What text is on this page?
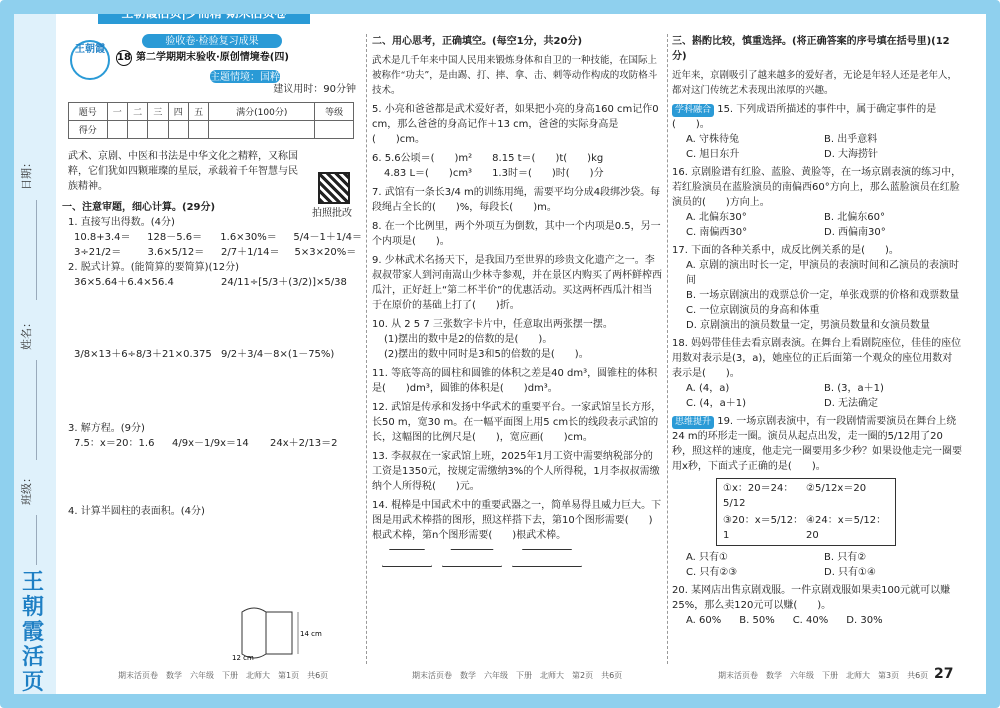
日期：
姓名：
班级：
王朝霞活页
王朝霞活页|少而精·期末活页卷
验收卷·检验复习成果
王朝霞
18 第二学期期末验收·原创情境卷(四)
主题情境：国粹
建议用时：90分钟
题号	一	二	三	四	五	满分(100分)	等级
得分							

武术、京剧、中医和书法是中华文化之精粹，又称国粹，它们犹如四颗璀璨的星辰，承载着千年智慧与民族精神。

拍照批改
一、注意审题，细心计算。(29分)
1. 直接写出得数。(4分)
10.8+3.4＝	128－5.6＝	1.6×30%＝	5/4－1＋1/4＝
3÷21/2＝	3.6×5/12＝	2/7＋1/14＝	5×3×20%＝
2. 脱式计算。(能简算的要简算)(12分)
36×5.64＋6.4×56.4	24/11÷[5/3＋(3/2)]×5/38
3/8×13＋6÷8/3＋21×0.375 9/2＋3/4－8×(1－75%)
3. 解方程。(9分)
7.5：x＝20：1.6	4/9x－1/9x＝14	24x＋2/13＝2
4. 计算半圆柱的表面积。(4分)
14 cm
12 cm
期末活页卷　数学　六年级　下册　北师大　第1页　共6页
二、用心思考，正确填空。(每空1分，共20分)

武术是几千年来中国人民用来锻炼身体和自卫的一种技能，在国际上被称作“功夫”，是由踢、打、摔、拿、击、刺等动作构成的攻防格斗技术。

5. 小亮和爸爸都是武术爱好者，如果把小亮的身高160 cm记作0 cm，那么爸爸的身高记作＋13 cm，爸爸的实际身高是(　　)cm。

6. 5.6公顷＝(　　)m²　　8.15 t＝(　　)t(　　)kg

4.83 L＝(　　)cm³　　1.3时＝(　　)时(　　)分

7. 武馆有一条长3/4 m的训练用绳，需要平均分成4段绑沙袋。每段绳占全长的(　　)%，每段长(　　)m。

8. 在一个比例里，两个外项互为倒数，其中一个内项是0.5，另一个内项是(　　)。

9. 少林武术名扬天下，是我国乃至世界的珍贵文化遗产之一。李叔叔带家人到河南嵩山少林寺参观，并在景区内购买了两杯鲜榨西瓜汁，正好赶上“第二杯半价”的优惠活动。买这两杯西瓜汁相当于在原价的基础上打了(　　)折。

10. 从 2 5 7 三张数字卡片中，任意取出两张摆一摆。

(1)摆出的数中是2的倍数的是(　　)。

(2)摆出的数中同时是3和5的倍数的是(　　)。

11. 等底等高的圆柱和圆锥的体积之差是40 dm³，圆锥柱的体积是(　　)dm³，圆锥的体积是(　　)dm³。

12. 武馆是传承和发扬中华武术的重要平台。一家武馆呈长方形，长50 m，宽30 m。在一幅平面图上用5 cm长的线段表示武馆的长，这幅图的比例尺是(　　)，宽应画(　　)cm。

13. 李叔叔在一家武馆上班，2025年1月工资中需要纳税部分的工资是1350元，按规定需缴纳3%的个人所得税，1月李叔叔需缴纳个人所得税(　　)元。

14. 棍棒是中国武术中的重要武器之一，简单易得且威力巨大。下图是用武术棒搭的图形，照这样搭下去，第10个图形需要(　　)根武术棒，第n个图形需要(　　)根武术棒。

期末活页卷　数学　六年级　下册　北师大　第2页　共6页
三、斟酌比较，慎重选择。(将正确答案的序号填在括号里)(12分)

近年来，京剧吸引了越来越多的爱好者，无论是年轻人还是老年人，都对这门传统艺术表现出浓厚的兴趣。

学科融合 15. 下列成语所描述的事件中，属于确定事件的是(　　)。

A. 守株待兔	B. 出乎意料
C. 旭日东升	D. 大海捞针

16. 京剧脸谱有红脸、蓝脸、黄脸等，在一场京剧表演的练习中，若红脸演员在蓝脸演员的南偏西60°方向上，那么蓝脸演员在红脸演员的(　　)方向上。

A. 北偏东30°	B. 北偏东60°
C. 南偏西30°	D. 西偏南30°

17. 下面的各种关系中，成反比例关系的是(　　)。

A. 京剧的演出时长一定，甲演员的表演时间和乙演员的表演时间

B. 一场京剧演出的戏票总价一定，单张戏票的价格和戏票数量

C. 一位京剧演员的身高和体重

D. 京剧演出的演员数量一定，男演员数量和女演员数量

18. 妈妈带佳佳去看京剧表演。在舞台上看剧院座位，佳佳的座位用数对表示是(3，a)，她座位的正后面第一个观众的座位用数对表示是(　　)。

A. (4，a)	B. (3，a＋1)
C. (4，a＋1)	D. 无法确定

思维提升 19. 一场京剧表演中，有一段剧情需要演员在舞台上绕24 m的环形走一圈。演员从起点出发，走一圈的5/12用了20秒，照这样的速度，他走完一圈要用多少秒？如果设他走完一圈要用x秒，下面式子正确的是(　　)。

①x：20＝24：5/12
②5/12x＝20
③20：x＝5/12：1
④24：x＝5/12：20
A. 只有①	B. 只有②
C. 只有②③	D. 只有①④

20. 某网店出售京剧戏服。一件京剧戏服如果卖100元就可以赚25%，那么卖120元可以赚(　　)。

A. 60% B. 50% C. 40% D. 30%
期末活页卷　数学　六年级　下册　北师大　第3页　共6页 27
